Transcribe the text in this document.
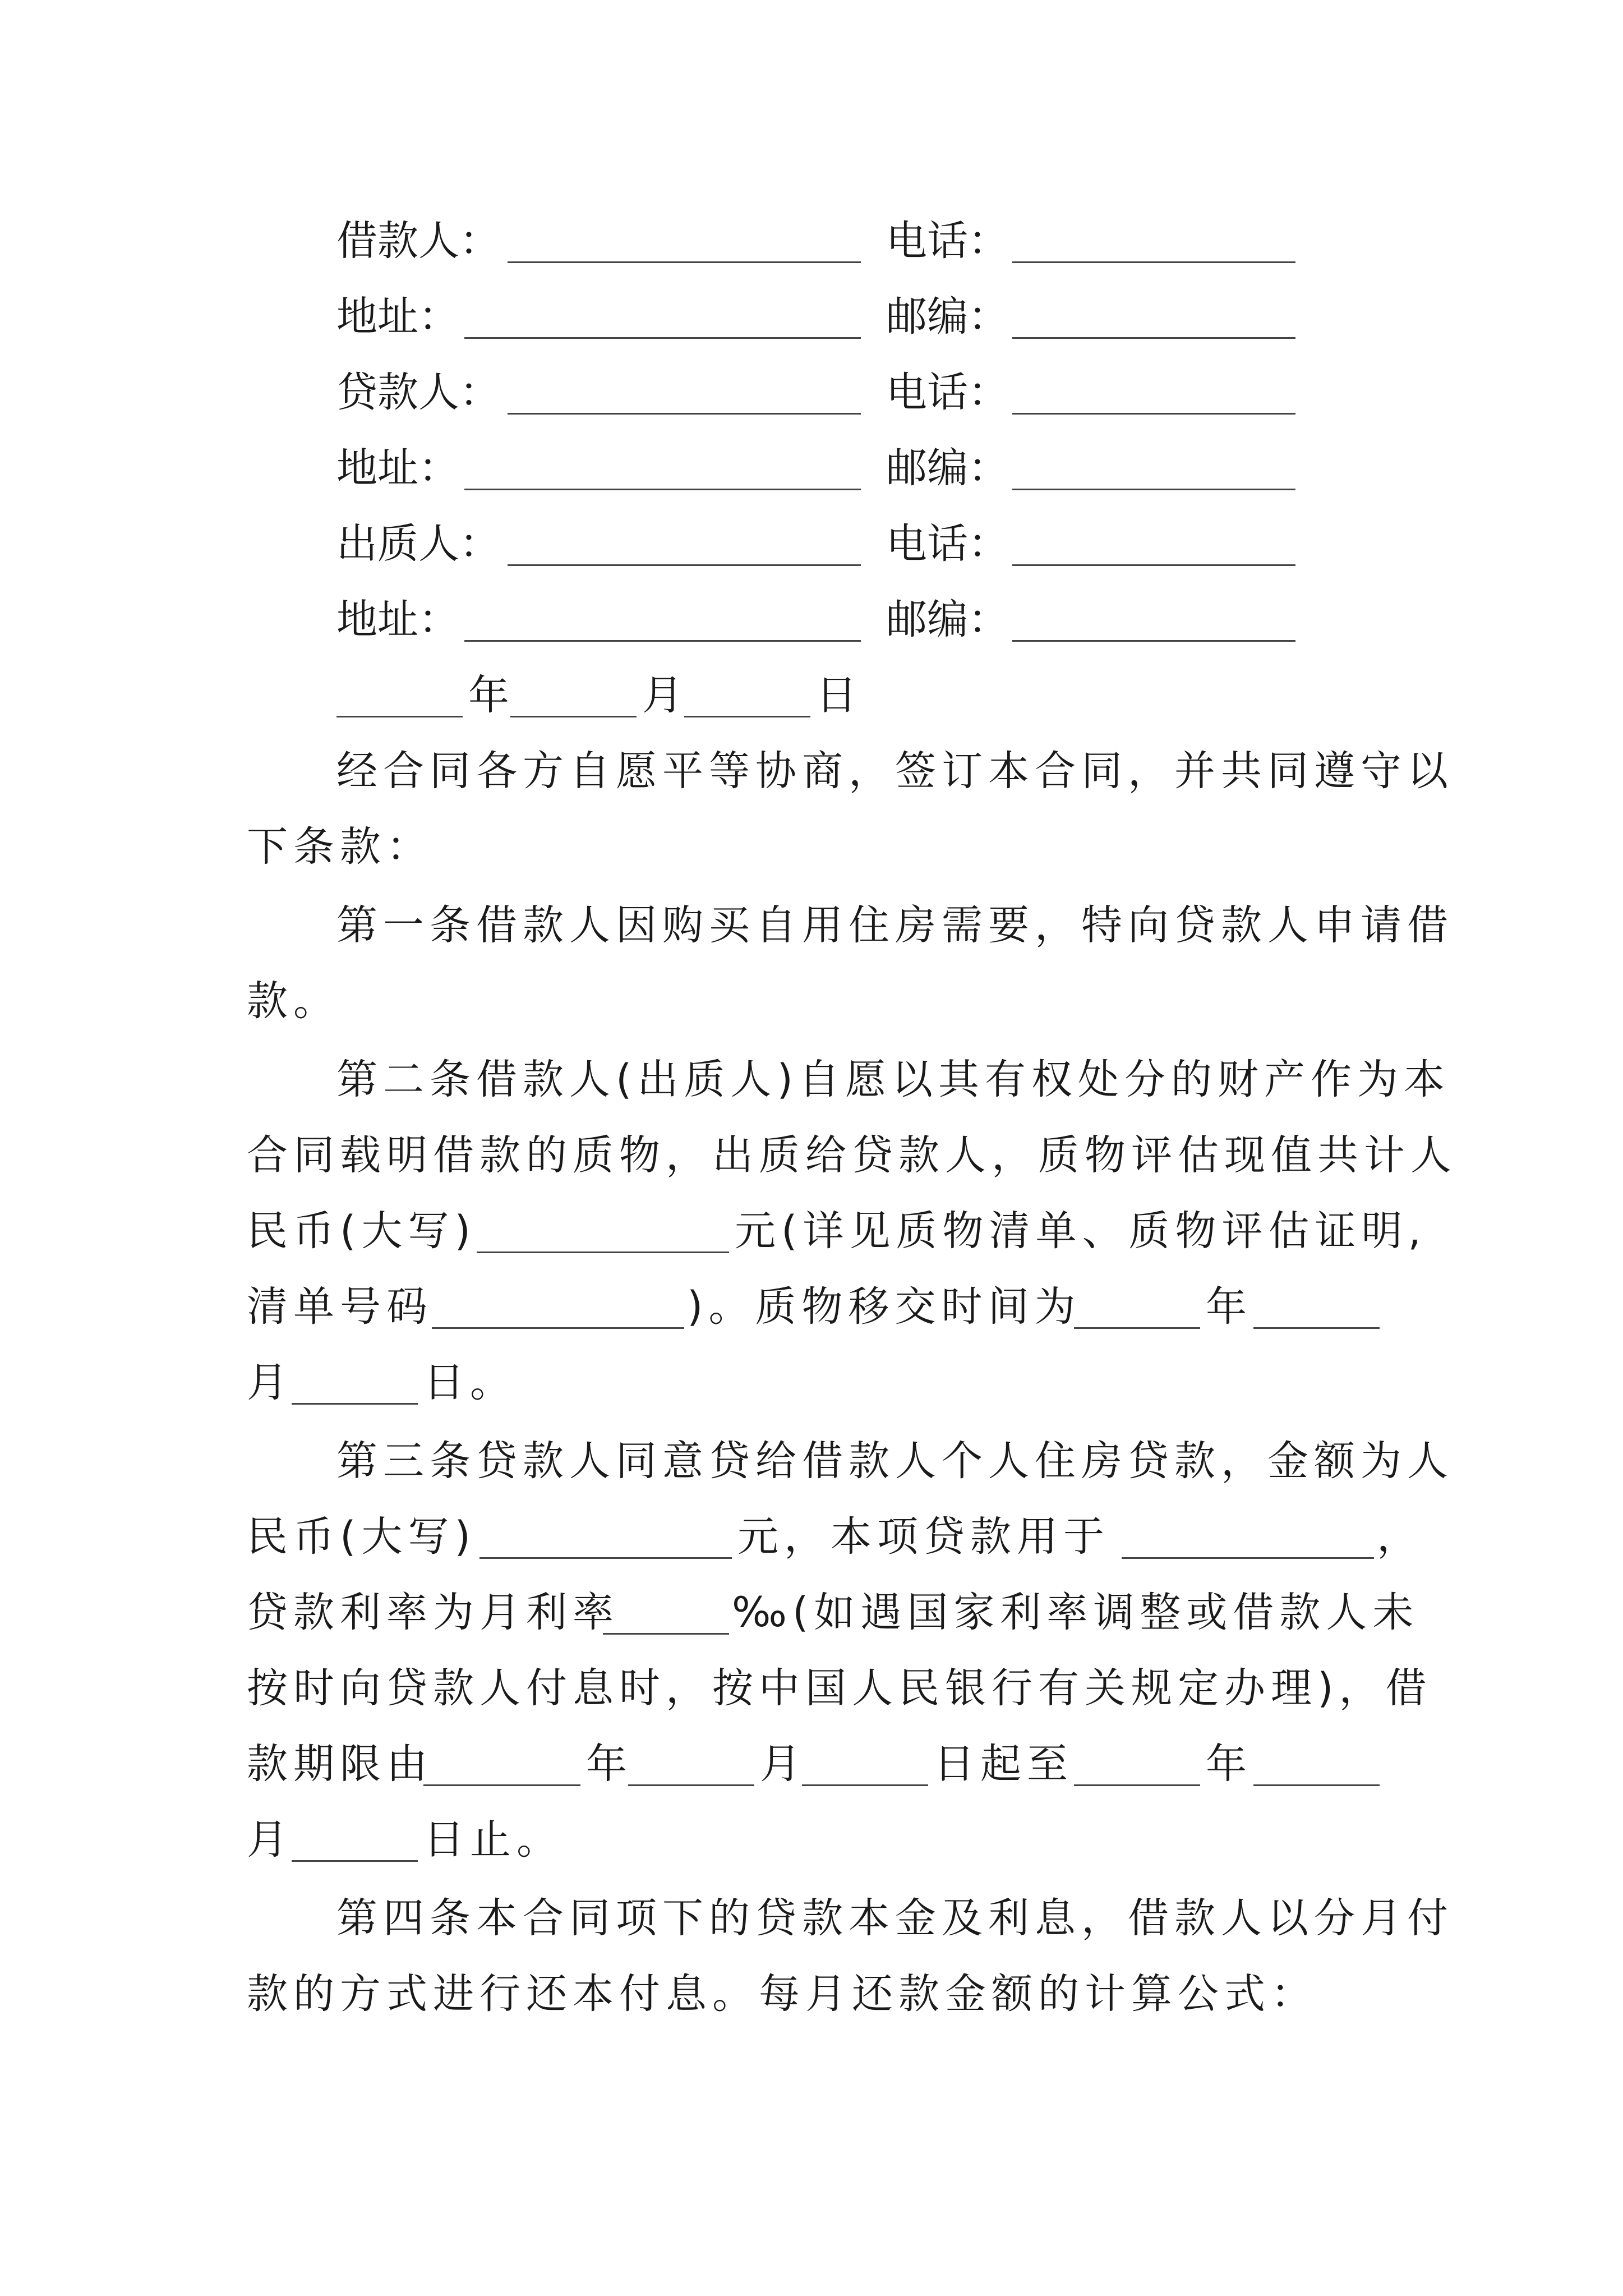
借款人：	电话：
地址：	邮编：
贷款人：	电话：
地址：	邮编：
出质人：	电话：
地址：	邮编：
年	月	日
经合同各方自愿平等协商，签订本合同，并共同遵守以
下条款：
第一条借款人因购买自用住房需要，特向贷款人申请借
款。
第二条借款人(出质人)自愿以其有权处分的财产作为本
合同载明借款的质物，出质给贷款人，质物评估现值共计人
民币(大写)	元(详见质物清单、质物评估证明,
清单号码	)。质物移交时间为	年
月	日。
第三条贷款人同意贷给借款人个人住房贷款，金额为人
民币(大写)	元，本项贷款用于	，
贷款利率为月利率	‰(如遇国家利率调整或借款人未
按时向贷款人付息时，按中国人民银行有关规定办理)，借
款期限由	年	月	日起至	年
月	日止。
第四条本合同项下的贷款本金及利息，借款人以分月付
款的方式进行还本付息。每月还款金额的计算公式：
